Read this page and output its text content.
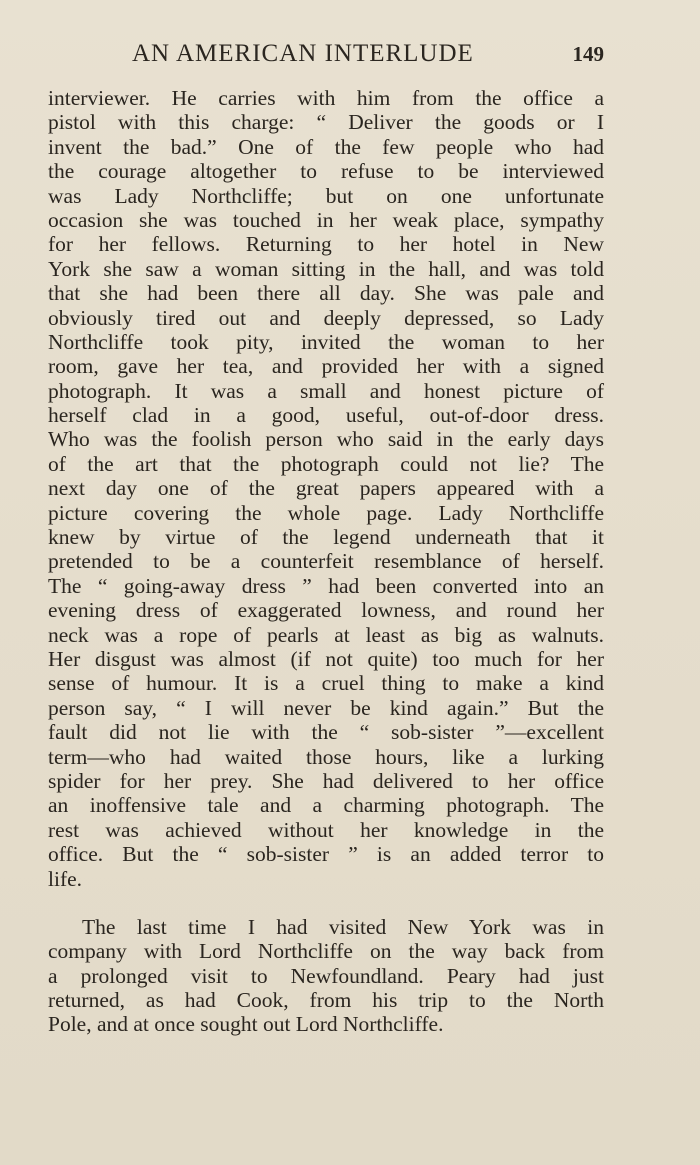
AN AMERICAN INTERLUDE	149
interviewer. He carries with him from the office a
pistol with this charge: “ Deliver the goods or I
invent the bad.” One of the few people who had
the courage altogether to refuse to be interviewed
was Lady Northcliffe; but on one unfortunate
occasion she was touched in her weak place, sympathy
for her fellows. Returning to her hotel in New
York she saw a woman sitting in the hall, and was told
that she had been there all day. She was pale and
obviously tired out and deeply depressed, so Lady
Northcliffe took pity, invited the woman to her
room, gave her tea, and provided her with a signed
photograph. It was a small and honest picture of
herself clad in a good, useful, out-of-door dress.
Who was the foolish person who said in the early days
of the art that the photograph could not lie? The
next day one of the great papers appeared with a
picture covering the whole page. Lady Northcliffe
knew by virtue of the legend underneath that it
pretended to be a counterfeit resemblance of herself.
The “ going-away dress ” had been converted into an
evening dress of exaggerated lowness, and round her
neck was a rope of pearls at least as big as walnuts.
Her disgust was almost (if not quite) too much for her
sense of humour. It is a cruel thing to make a kind
person say, “ I will never be kind again.” But the
fault did not lie with the “ sob-sister ”—excellent
term—who had waited those hours, like a lurking
spider for her prey. She had delivered to her office
an inoffensive tale and a charming photograph. The
rest was achieved without her knowledge in the
office. But the “ sob-sister ” is an added terror to
life.
The last time I had visited New York was in
company with Lord Northcliffe on the way back from
a prolonged visit to Newfoundland. Peary had just
returned, as had Cook, from his trip to the North
Pole, and at once sought out Lord Northcliffe.
